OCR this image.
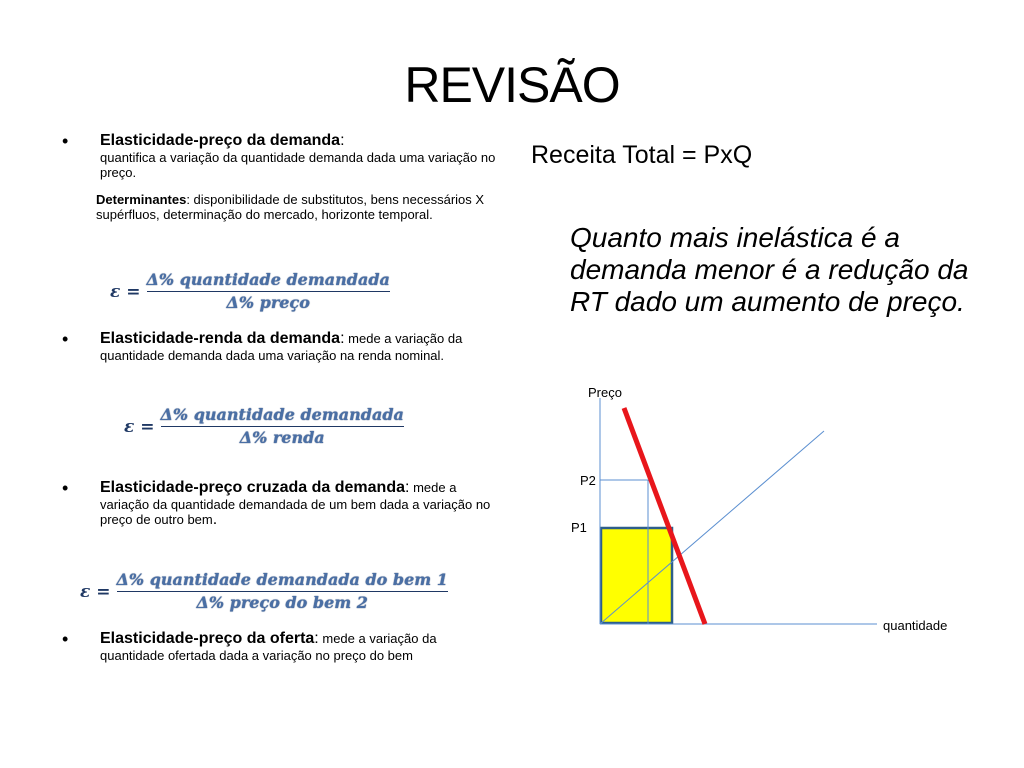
REVISÃO
• Elasticidade-preço da demanda:
quantifica a variação da quantidade demanda dada uma variação no preço.
Determinantes: disponibilidade de substitutos, bens necessários X supérfluos, determinação do mercado, horizonte temporal.
$\varepsilon = \frac{\text{Δ\% quantidade demandada}}{\text{Δ\% preço}}$
• Elasticidade-renda da demanda: mede a variação da quantidade demanda dada uma variação na renda nominal.
$\varepsilon = \frac{\text{Δ\% quantidade demandada}}{\text{Δ\% renda}}$
• Elasticidade-preço cruzada da demanda: mede a variação da quantidade demandada de um bem dada a variação no preço de outro bem.
$\varepsilon = \frac{\text{Δ\% quantidade demandada do bem 1}}{\text{Δ\% preço do bem 2}}$
• Elasticidade-preço da oferta: mede a variação da quantidade ofertada dada a variação no preço do bem
Receita Total = PxQ
Quanto mais inelástica é a demanda menor é a redução da RT dado um aumento de preço.
Preço
P2
P1
quantidade
